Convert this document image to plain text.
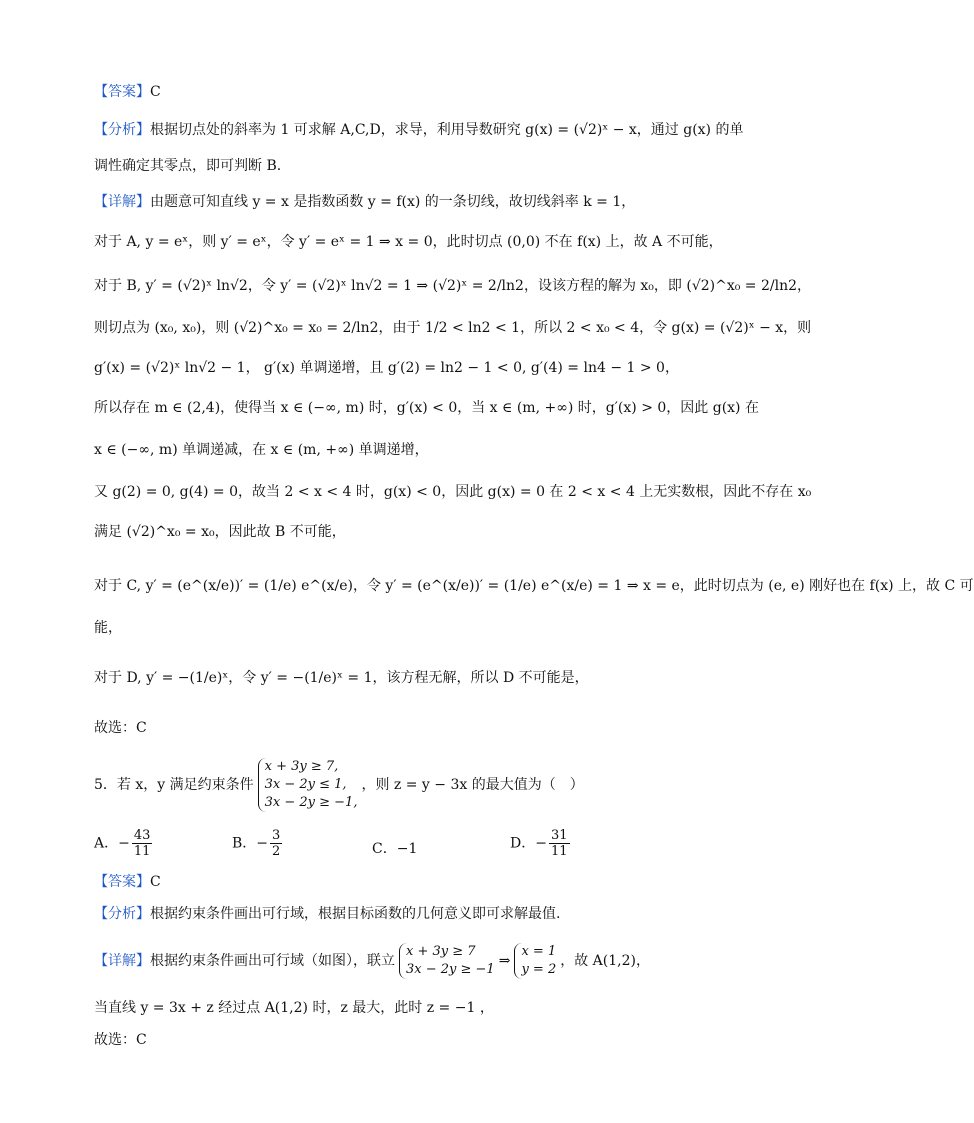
【答案】C
【分析】根据切点处的斜率为 1 可求解 A,C,D，求导，利用导数研究 g(x) = (√2)ˣ − x，通过 g(x) 的单
调性确定其零点，即可判断 B.
【详解】由题意可知直线 y = x 是指数函数 y = f(x) 的一条切线，故切线斜率 k = 1，
对于 A, y = eˣ，则 y′ = eˣ，令 y′ = eˣ = 1 ⇒ x = 0，此时切点 (0,0) 不在 f(x) 上，故 A 不可能，
对于 B, y′ = (√2)ˣ ln√2，令 y′ = (√2)ˣ ln√2 = 1 ⇒ (√2)ˣ = 2/ln2，设该方程的解为 x₀，即 (√2)^x₀ = 2/ln2，
则切点为 (x₀, x₀)，则 (√2)^x₀ = x₀ = 2/ln2，由于 1/2 < ln2 < 1，所以 2 < x₀ < 4，令 g(x) = (√2)ˣ − x，则
g′(x) = (√2)ˣ ln√2 − 1， g′(x) 单调递增，且 g′(2) = ln2 − 1 < 0, g′(4) = ln4 − 1 > 0，
所以存在 m ∈ (2,4)，使得当 x ∈ (−∞, m) 时，g′(x) < 0，当 x ∈ (m, +∞) 时，g′(x) > 0，因此 g(x) 在
x ∈ (−∞, m) 单调递减，在 x ∈ (m, +∞) 单调递增，
又 g(2) = 0, g(4) = 0，故当 2 < x < 4 时，g(x) < 0，因此 g(x) = 0 在 2 < x < 4 上无实数根，因此不存在 x₀
满足 (√2)^x₀ = x₀，因此故 B 不可能，
对于 C, y′ = (e^(x/e))′ = (1/e) e^(x/e)，令 y′ = (e^(x/e))′ = (1/e) e^(x/e) = 1 ⇒ x = e，此时切点为 (e, e) 刚好也在 f(x) 上，故 C 可
能，
对于 D, y′ = −(1/e)ˣ，令 y′ = −(1/e)ˣ = 1，该方程无解，所以 D 不可能是，
故选：C
5．若 x，y 满足约束条件
x + 3y ≥ 7,
3x − 2y ≤ 1,
3x − 2y ≥ −1,
，则 z = y − 3x 的最大值为（　）
A．− $\frac{43}{11}$	B．− $\frac{3}{2}$	C．−1	D．− $\frac{31}{11}$
【答案】C
【分析】根据约束条件画出可行域，根据目标函数的几何意义即可求解最值.
【详解】根据约束条件画出可行域（如图），联立
x + 3y ≥ 7
3x − 2y ≥ −1
⇒
x = 1
y = 2
，故 A(1,2)，
当直线 y = 3x + z 经过点 A(1,2) 时，z 最大，此时 z = −1 ，
故选：C
